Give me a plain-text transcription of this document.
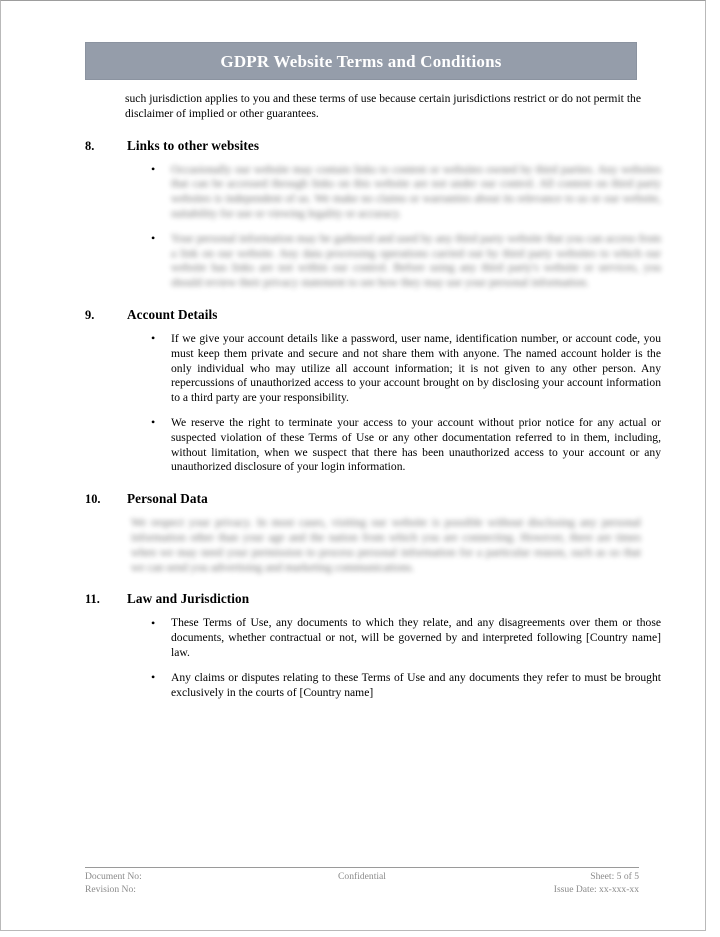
GDPR Website Terms and Conditions

such jurisdiction applies to you and these terms of use because certain jurisdictions restrict or do not permit the disclaimer of implied or other guarantees.

8.	Links to other websites
• Occasionally our website may contain links to content or websites owned by third parties. Any websites that can be accessed through links on this website are not under our control. All content on third party websites is independent of us. We make no claims or warranties about its relevance to us or our website, suitability for use or viewing legality or accuracy.
• Your personal information may be gathered and used by any third party website that you can access from a link on our website. Any data processing operations carried out by third party websites to which our website has links are not within our control. Before using any third party's website or services, you should review their privacy statement to see how they may use your personal information.
9.	Account Details
• If we give your account details like a password, user name, identification number, or account code, you must keep them private and secure and not share them with anyone. The named account holder is the only individual who may utilize all account information; it is not given to any other person. Any repercussions of unauthorized access to your account brought on by disclosing your account information to a third party are your responsibility.
• We reserve the right to terminate your access to your account without prior notice for any actual or suspected violation of these Terms of Use or any other documentation referred to in them, including, without limitation, when we suspect that there has been unauthorized access to your account or any unauthorized disclosure of your login information.
10.	Personal Data

We respect your privacy. In most cases, visiting our website is possible without disclosing any personal information other than your age and the nation from which you are connecting. However, there are times when we may need your permission to process personal information for a particular reason, such as so that we can send you advertising and marketing communications.

11.	Law and Jurisdiction
• These Terms of Use, any documents to which they relate, and any disagreements over them or those documents, whether contractual or not, will be governed by and interpreted following [Country name] law.
• Any claims or disputes relating to these Terms of Use and any documents they refer to must be brought exclusively in the courts of [Country name]
Document No:
Revision No:
Confidential	Sheet: 5 of 5
Issue Date: xx-xxx-xx
